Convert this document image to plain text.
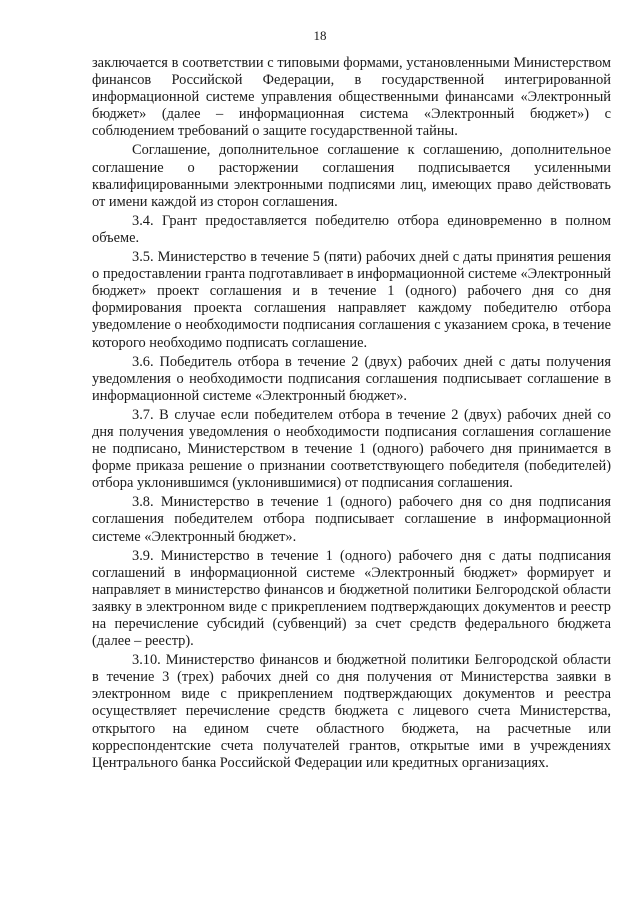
18

заключается в соответствии с типовыми формами, установленными Министерством финансов Российской Федерации, в государственной интегрированной информационной системе управления общественными финансами «Электронный бюджет» (далее – информационная система «Электронный бюджет») с соблюдением требований о защите государственной тайны.

Соглашение, дополнительное соглашение к соглашению, дополнительное соглашение о расторжении соглашения подписывается усиленными квалифицированными электронными подписями лиц, имеющих право действовать от имени каждой из сторон соглашения.

3.4. Грант предоставляется победителю отбора единовременно в полном объеме.

3.5. Министерство в течение 5 (пяти) рабочих дней с даты принятия решения о предоставлении гранта подготавливает в информационной системе «Электронный бюджет» проект соглашения и в течение 1 (одного) рабочего дня со дня формирования проекта соглашения направляет каждому победителю отбора уведомление о необходимости подписания соглашения с указанием срока, в течение которого необходимо подписать соглашение.

3.6. Победитель отбора в течение 2 (двух) рабочих дней с даты получения уведомления о необходимости подписания соглашения подписывает соглашение в информационной системе «Электронный бюджет».

3.7. В случае если победителем отбора в течение 2 (двух) рабочих дней со дня получения уведомления о необходимости подписания соглашения соглашение не подписано, Министерством в течение 1 (одного) рабочего дня принимается в форме приказа решение о признании соответствующего победителя (победителей) отбора уклонившимся (уклонившимися) от подписания соглашения.

3.8. Министерство в течение 1 (одного) рабочего дня со дня подписания соглашения победителем отбора подписывает соглашение в информационной системе «Электронный бюджет».

3.9. Министерство в течение 1 (одного) рабочего дня с даты подписания соглашений в информационной системе «Электронный бюджет» формирует и направляет в министерство финансов и бюджетной политики Белгородской области заявку в электронном виде с прикреплением подтверждающих документов и реестр на перечисление субсидий (субвенций) за счет средств федерального бюджета (далее – реестр).

3.10. Министерство финансов и бюджетной политики Белгородской области в течение 3 (трех) рабочих дней со дня получения от Министерства заявки в электронном виде с прикреплением подтверждающих документов и реестра осуществляет перечисление средств бюджета с лицевого счета Министерства, открытого на едином счете областного бюджета, на расчетные или корреспондентские счета получателей грантов, открытые ими в учреждениях Центрального банка Российской Федерации или кредитных организациях.
